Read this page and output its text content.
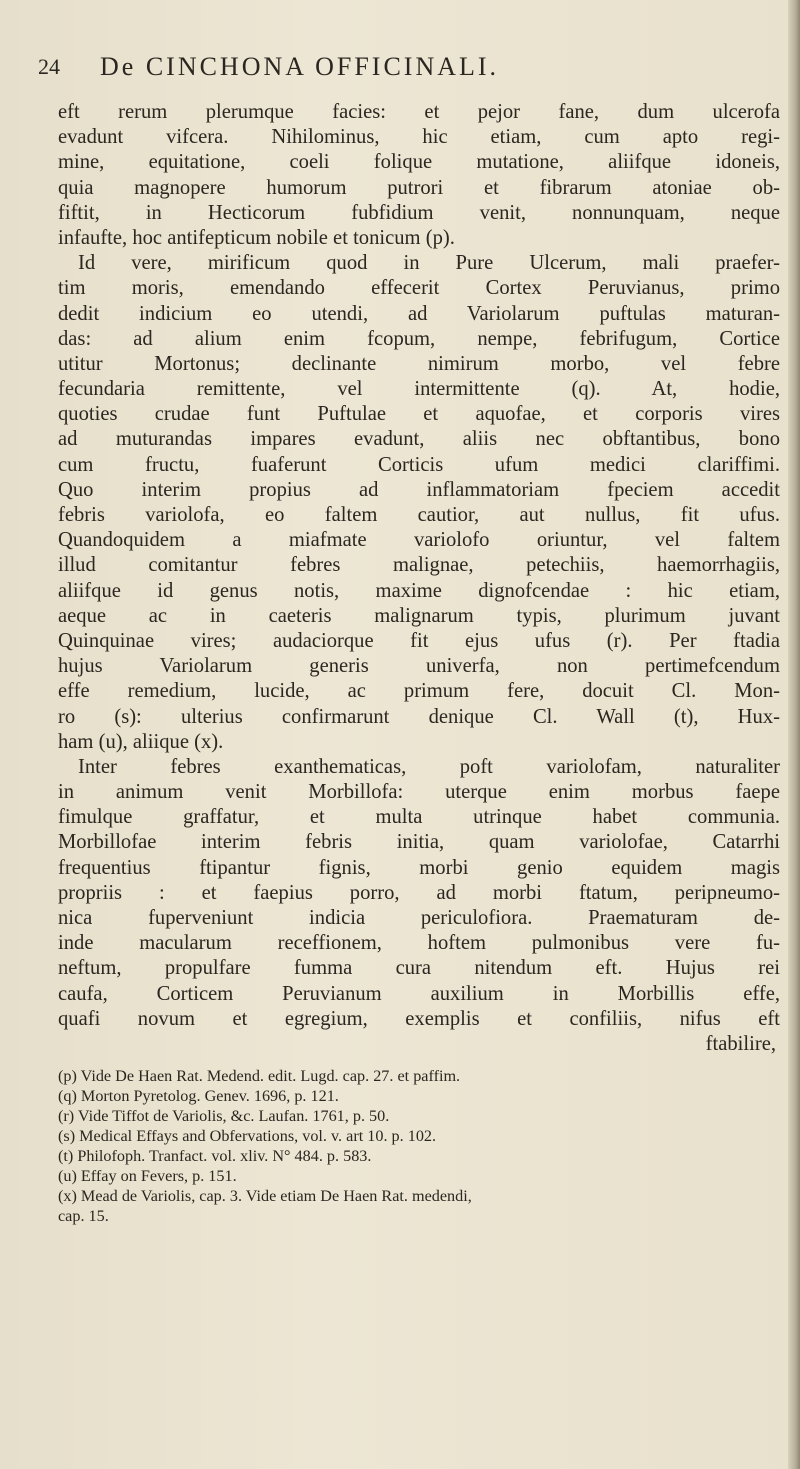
24 De CINCHONA OFFICINALI.
eft rerum plerumque facies: et pejor fane, dum ulcerofa
evadunt vifcera. Nihilominus, hic etiam, cum apto regi-
mine, equitatione, coeli folique mutatione, aliifque idoneis,
quia magnopere humorum putrori et fibrarum atoniae ob-
fiftit, in Hecticorum fubfidium venit, nonnunquam, neque
infaufte, hoc antifepticum nobile et tonicum (p).
Id vere, mirificum quod in Pure Ulcerum, mali praefer-
tim moris, emendando effecerit Cortex Peruvianus, primo
dedit indicium eo utendi, ad Variolarum puftulas maturan-
das: ad alium enim fcopum, nempe, febrifugum, Cortice
utitur Mortonus; declinante nimirum morbo, vel febre
fecundaria remittente, vel intermittente (q). At, hodie,
quoties crudae funt Puftulae et aquofae, et corporis vires
ad muturandas impares evadunt, aliis nec obftantibus, bono
cum fructu, fuaferunt Corticis ufum medici clariffimi.
Quo interim propius ad inflammatoriam fpeciem accedit
febris variolofa, eo faltem cautior, aut nullus, fit ufus.
Quandoquidem a miafmate variolofo oriuntur, vel faltem
illud comitantur febres malignae, petechiis, haemorrhagiis,
aliifque id genus notis, maxime dignofcendae : hic etiam,
aeque ac in caeteris malignarum typis, plurimum juvant
Quinquinae vires; audaciorque fit ejus ufus (r). Per ftadia
hujus Variolarum generis univerfa, non pertimefcendum
effe remedium, lucide, ac primum fere, docuit Cl. Mon-
ro (s): ulterius confirmarunt denique Cl. Wall (t), Hux-
ham (u), aliique (x).
Inter febres exanthematicas, poft variolofam, naturaliter
in animum venit Morbillofa: uterque enim morbus faepe
fimulque graffatur, et multa utrinque habet communia.
Morbillofae interim febris initia, quam variolofae, Catarrhi
frequentius ftipantur fignis, morbi genio equidem magis
propriis : et faepius porro, ad morbi ftatum, peripneumo-
nica fuperveniunt indicia periculofiora. Praematuram de-
inde macularum receffionem, hoftem pulmonibus vere fu-
neftum, propulfare fumma cura nitendum eft. Hujus rei
caufa, Corticem Peruvianum auxilium in Morbillis effe,
quafi novum et egregium, exemplis et confiliis, nifus eft
ftabilire,
(p) Vide De Haen Rat. Medend. edit. Lugd. cap. 27. et paffim.
(q) Morton Pyretolog. Genev. 1696, p. 121.
(r) Vide Tiffot de Variolis, &c. Laufan. 1761, p. 50.
(s) Medical Effays and Obfervations, vol. v. art 10. p. 102.
(t) Philofoph. Tranfact. vol. xliv. N° 484. p. 583.
(u) Effay on Fevers, p. 151.
(x) Mead de Variolis, cap. 3. Vide etiam De Haen Rat. medendi,
cap. 15.
